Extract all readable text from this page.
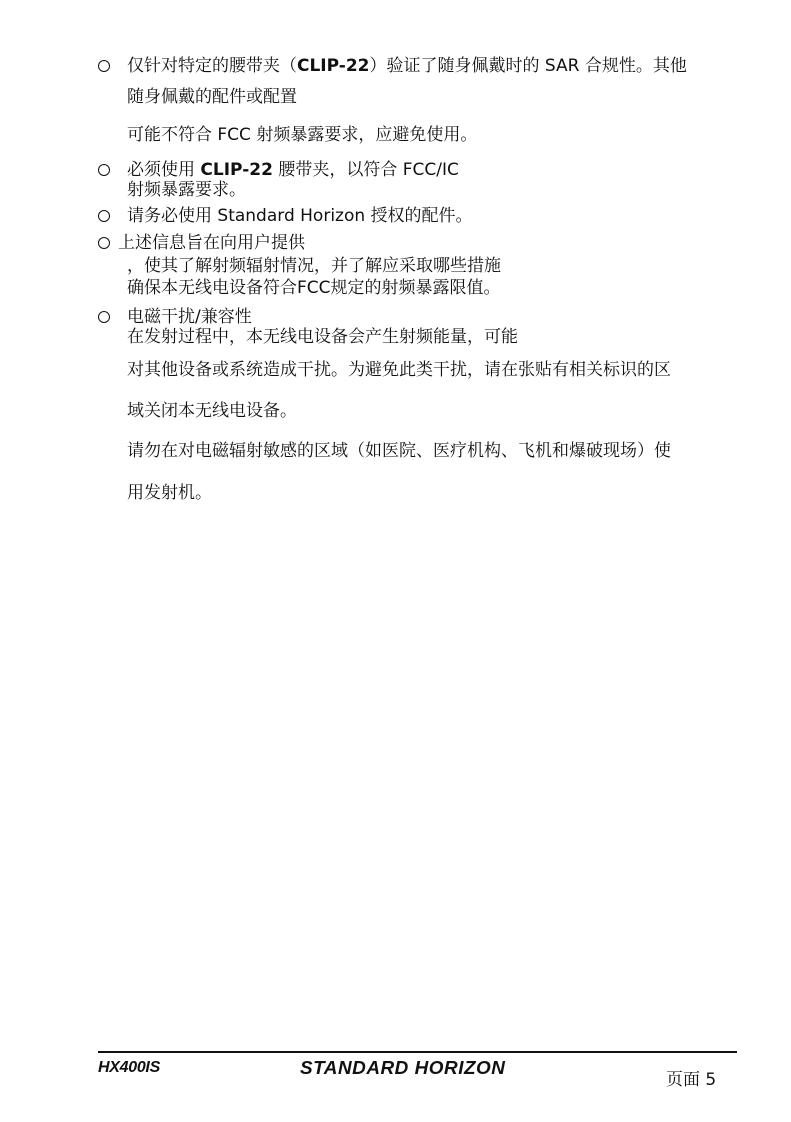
仅针对特定的腰带夹（CLIP-22）验证了随身佩戴时的 SAR 合规性。其他
随身佩戴的配件或配置
可能不符合 FCC 射频暴露要求，应避免使用。
必须使用 CLIP-22 腰带夹，以符合 FCC/IC
射频暴露要求。
请务必使用 Standard Horizon 授权的配件。
上述信息旨在向用户提供
，使其了解射频辐射情况，并了解应采取哪些措施
确保本无线电设备符合FCC规定的射频暴露限值。
电磁干扰/兼容性
在发射过程中，本无线电设备会产生射频能量，可能
对其他设备或系统造成干扰。为避免此类干扰，请在张贴有相关标识的区
域关闭本无线电设备。
请勿在对电磁辐射敏感的区域（如医院、医疗机构、飞机和爆破现场）使
用发射机。
HX400IS	STANDARD HORIZON
页面 5
